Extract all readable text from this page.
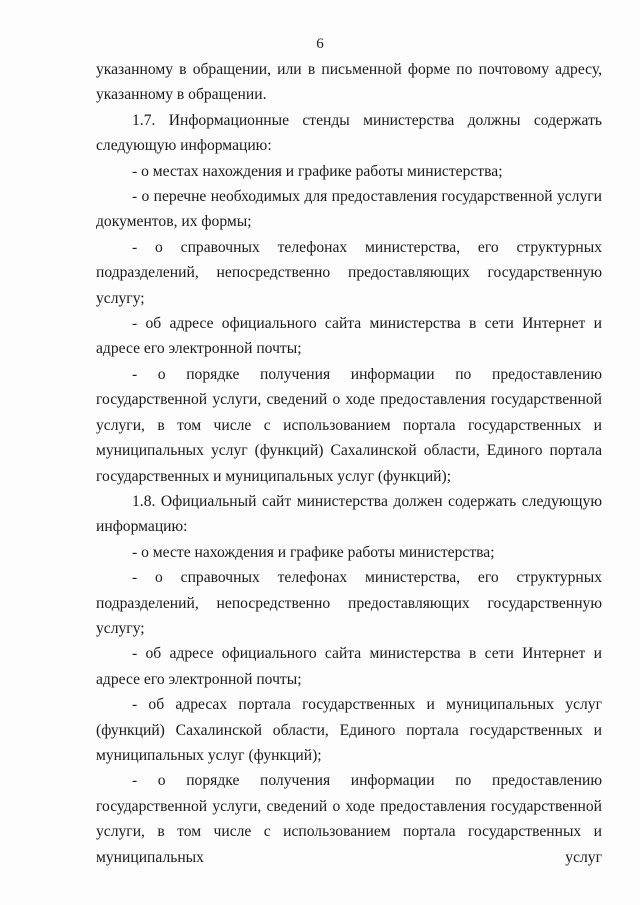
6

указанному в обращении, или в письменной форме по почтовому адресу, указанному в обращении.

1.7. Информационные стенды министерства должны содержать следующую информацию:

- о местах нахождения и графике работы министерства;

- о перечне необходимых для предоставления государственной услуги документов, их формы;

- о справочных телефонах министерства, его структурных подразделений, непосредственно предоставляющих государственную услугу;

- об адресе официального сайта министерства в сети Интернет и адресе его электронной почты;

- о порядке получения информации по предоставлению государственной услуги, сведений о ходе предоставления государственной услуги, в том числе с использованием портала государственных и муниципальных услуг (функций) Сахалинской области, Единого портала государственных и муниципальных услуг (функций);

1.8. Официальный сайт министерства должен содержать следующую информацию:

- о месте нахождения и графике работы министерства;

- о справочных телефонах министерства, его структурных подразделений, непосредственно предоставляющих государственную услугу;

- об адресе официального сайта министерства в сети Интернет и адресе его электронной почты;

- об адресах портала государственных и муниципальных услуг (функций) Сахалинской области, Единого портала государственных и муниципальных услуг (функций);

- о порядке получения информации по предоставлению государственной услуги, сведений о ходе предоставления государственной услуги, в том числе с использованием портала государственных и муниципальных услуг
